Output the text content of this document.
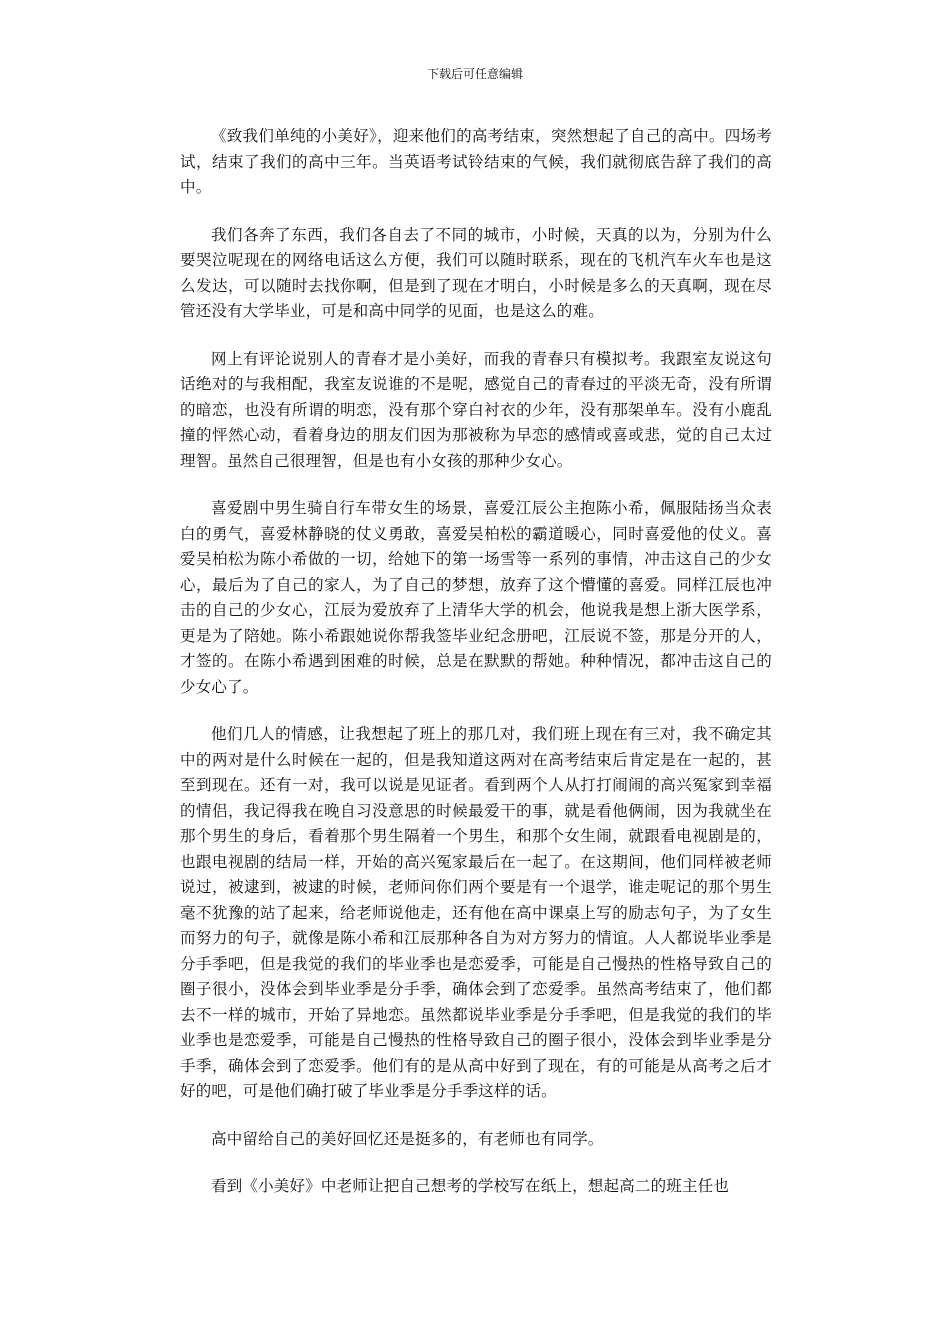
下载后可任意编辑

《致我们单纯的小美好》，迎来他们的高考结束，突然想起了自己的高中。四场考试，结束了我们的高中三年。当英语考试铃结束的气候，我们就彻底告辞了我们的高中。

我们各奔了东西，我们各自去了不同的城市，小时候，天真的以为，分别为什么要哭泣呢现在的网络电话这么方便，我们可以随时联系，现在的飞机汽车火车也是这么发达，可以随时去找你啊，但是到了现在才明白，小时候是多么的天真啊，现在尽管还没有大学毕业，可是和高中同学的见面，也是这么的难。

网上有评论说别人的青春才是小美好，而我的青春只有模拟考。我跟室友说这句话绝对的与我相配，我室友说谁的不是呢，感觉自己的青春过的平淡无奇，没有所谓的暗恋，也没有所谓的明恋，没有那个穿白衬衣的少年，没有那架单车。没有小鹿乱撞的怦然心动，看着身边的朋友们因为那被称为早恋的感情或喜或悲，觉的自己太过理智。虽然自己很理智，但是也有小女孩的那种少女心。

喜爱剧中男生骑自行车带女生的场景，喜爱江辰公主抱陈小希，佩服陆扬当众表白的勇气，喜爱林静晓的仗义勇敢，喜爱吴柏松的霸道暖心，同时喜爱他的仗义。喜爱吴柏松为陈小希做的一切，给她下的第一场雪等一系列的事情，冲击这自己的少女心，最后为了自己的家人，为了自己的梦想，放弃了这个懵懂的喜爱。同样江辰也冲击的自己的少女心，江辰为爱放弃了上清华大学的机会，他说我是想上浙大医学系，更是为了陪她。陈小希跟她说你帮我签毕业纪念册吧，江辰说不签，那是分开的人，才签的。在陈小希遇到困难的时候，总是在默默的帮她。种种情况，都冲击这自己的少女心了。

他们几人的情感，让我想起了班上的那几对，我们班上现在有三对，我不确定其中的两对是什么时候在一起的，但是我知道这两对在高考结束后肯定是在一起的，甚至到现在。还有一对，我可以说是见证者。看到两个人从打打闹闹的高兴冤家到幸福的情侣，我记得我在晚自习没意思的时候最爱干的事，就是看他俩闹，因为我就坐在那个男生的身后，看着那个男生隔着一个男生，和那个女生闹，就跟看电视剧是的，也跟电视剧的结局一样，开始的高兴冤家最后在一起了。在这期间，他们同样被老师说过，被逮到，被逮的时候，老师问你们两个要是有一个退学，谁走呢记的那个男生毫不犹豫的站了起来，给老师说他走，还有他在高中课桌上写的励志句子，为了女生而努力的句子，就像是陈小希和江辰那种各自为对方努力的情谊。人人都说毕业季是分手季吧，但是我觉的我们的毕业季也是恋爱季，可能是自己慢热的性格导致自己的圈子很小，没体会到毕业季是分手季，确体会到了恋爱季。虽然高考结束了，他们都去不一样的城市，开始了异地恋。虽然都说毕业季是分手季吧，但是我觉的我们的毕业季也是恋爱季，可能是自己慢热的性格导致自己的圈子很小，没体会到毕业季是分手季，确体会到了恋爱季。他们有的是从高中好到了现在，有的可能是从高考之后才好的吧，可是他们确打破了毕业季是分手季这样的话。

高中留给自己的美好回忆还是挺多的，有老师也有同学。

看到《小美好》中老师让把自己想考的学校写在纸上，想起高二的班主任也
